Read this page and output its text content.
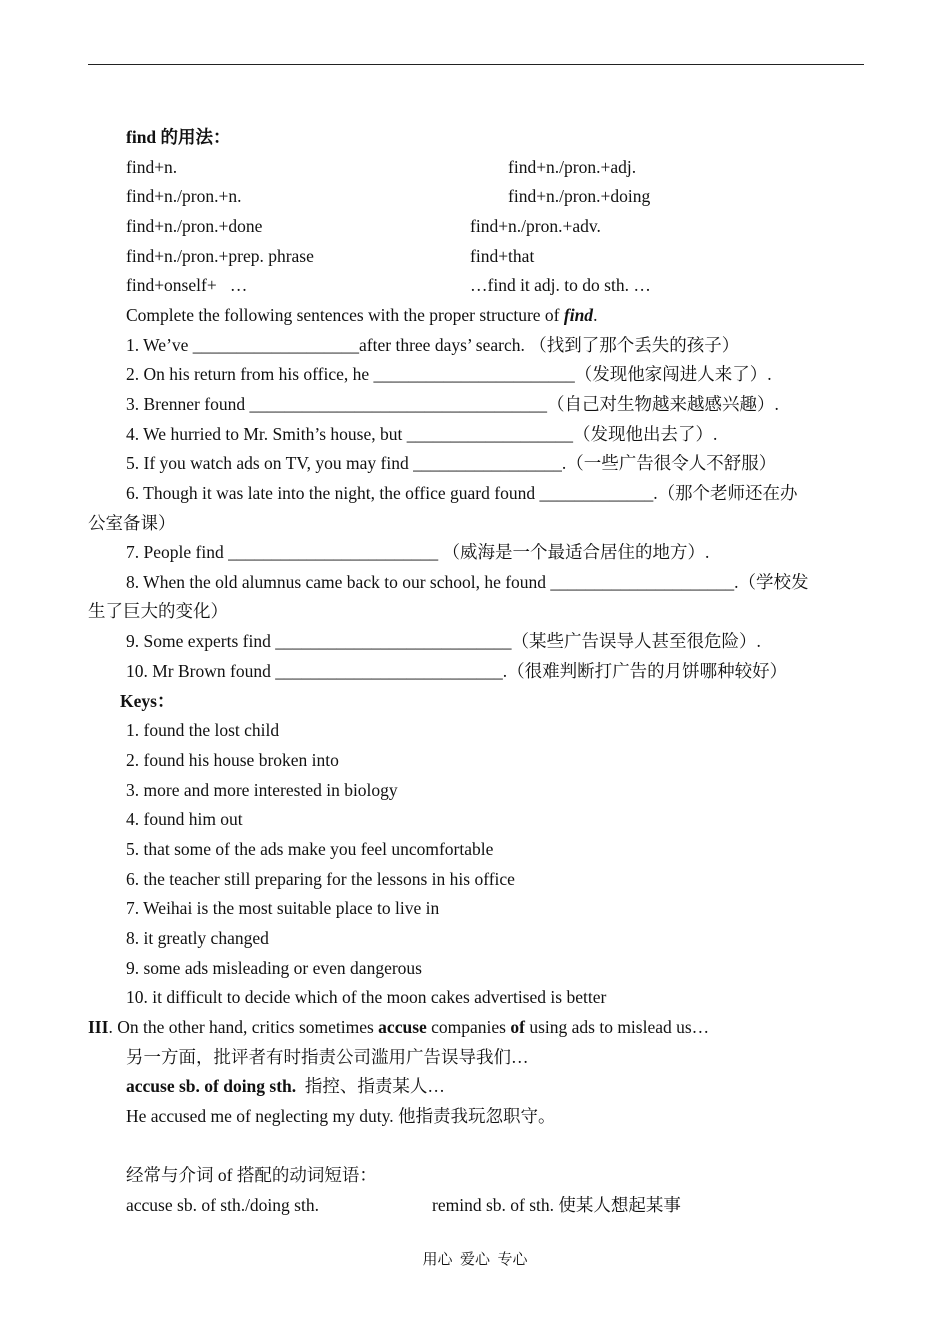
find 的用法：
find+n.	find+n./pron.+adj.
find+n./pron.+n.	find+n./pron.+doing
find+n./pron.+done	find+n./pron.+adv.
find+n./pron.+prep. phrase	find+that
find+onself+   …	…find it adj. to do sth. …
Complete the following sentences with the proper structure of find.
1. We’ve ___________________after three days’ search. （找到了那个丢失的孩子）
2. On his return from his office, he _______________________（发现他家闯进人来了）.
3. Brenner found __________________________________（自己对生物越来越感兴趣）.
4. We hurried to Mr. Smith’s house, but ___________________（发现他出去了）.
5. If you watch ads on TV, you may find _________________.（一些广告很令人不舒服）
6. Though it was late into the night, the office guard found _____________.（那个老师还在办
公室备课）
7. People find ________________________ （威海是一个最适合居住的地方）.
8. When the old alumnus came back to our school, he found _____________________.（学校发
生了巨大的变化）
9. Some experts find ___________________________（某些广告误导人甚至很危险）.
10. Mr Brown found __________________________.（很难判断打广告的月饼哪种较好）
Keys：
1. found the lost child
2. found his house broken into
3. more and more interested in biology
4. found him out
5. that some of the ads make you feel uncomfortable
6. the teacher still preparing for the lessons in his office
7. Weihai is the most suitable place to live in
8. it greatly changed
9. some ads misleading or even dangerous
10. it difficult to decide which of the moon cakes advertised is better
III. On the other hand, critics sometimes accuse companies of using ads to mislead us…
另一方面，批评者有时指责公司滥用广告误导我们…
accuse sb. of doing sth.  指控、指责某人…
He accused me of neglecting my duty. 他指责我玩忽职守。
经常与介词 of 搭配的动词短语：
accuse sb. of sth./doing sth.	remind sb. of sth. 使某人想起某事
用心  爱心  专心
